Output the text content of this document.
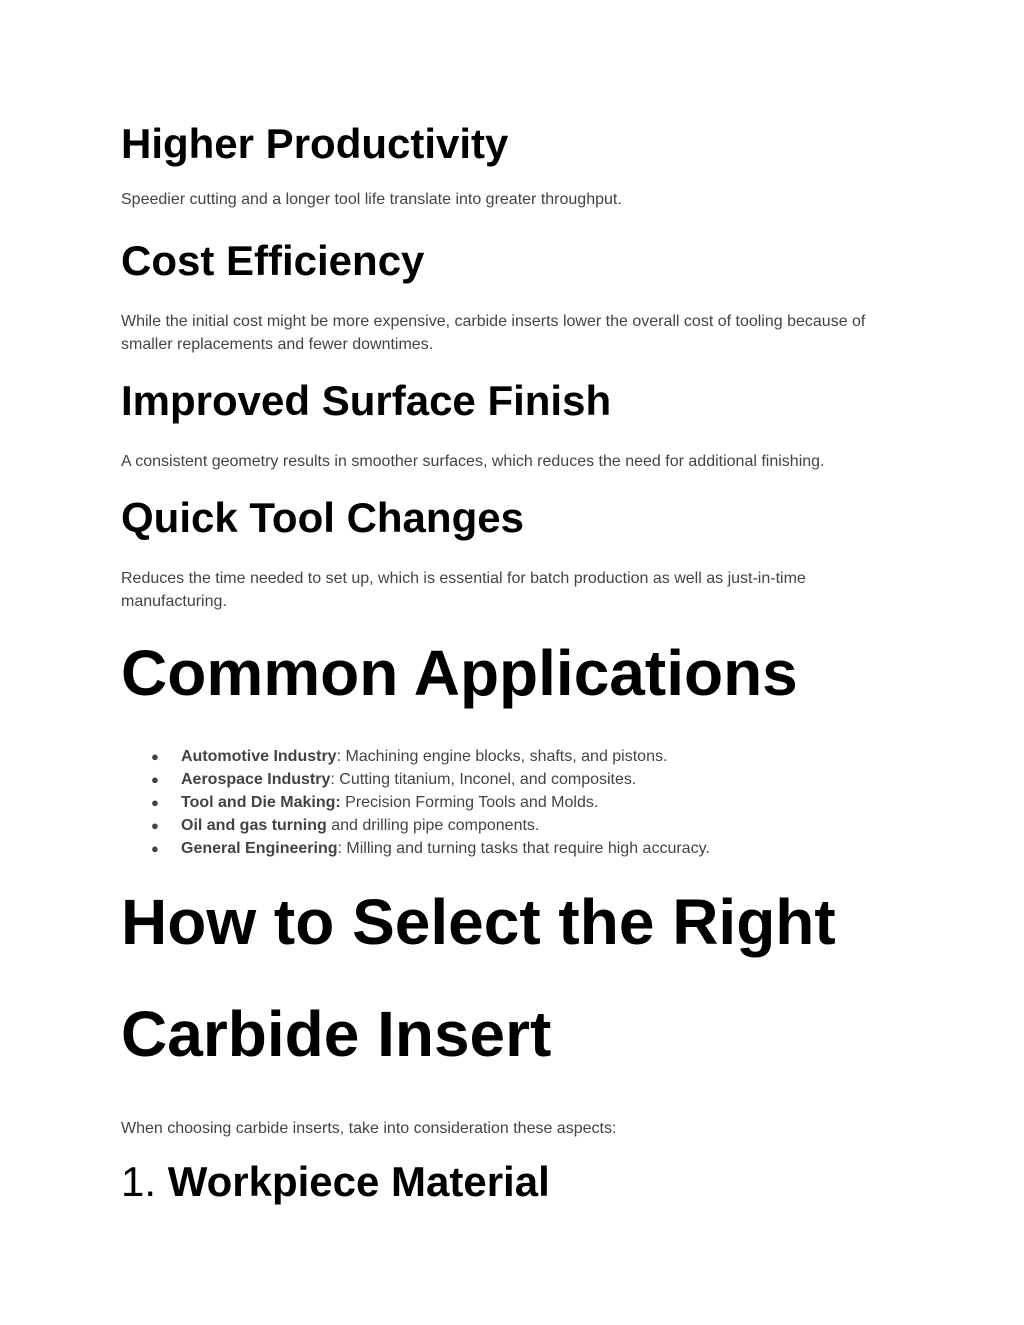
Higher Productivity

Speedier cutting and a longer tool life translate into greater throughput.

Cost Efficiency

While the initial cost might be more expensive, carbide inserts lower the overall cost of tooling because of smaller replacements and fewer downtimes.

Improved Surface Finish

A consistent geometry results in smoother surfaces, which reduces the need for additional finishing.

Quick Tool Changes

Reduces the time needed to set up, which is essential for batch production as well as just-in-time manufacturing.

Common Applications
● Automotive Industry: Machining engine blocks, shafts, and pistons.
● Aerospace Industry: Cutting titanium, Inconel, and composites.
● Tool and Die Making: Precision Forming Tools and Molds.
● Oil and gas turning and drilling pipe components.
● General Engineering: Milling and turning tasks that require high accuracy.
How to Select the Right
Carbide Insert

When choosing carbide inserts, take into consideration these aspects:

1. Workpiece Material
